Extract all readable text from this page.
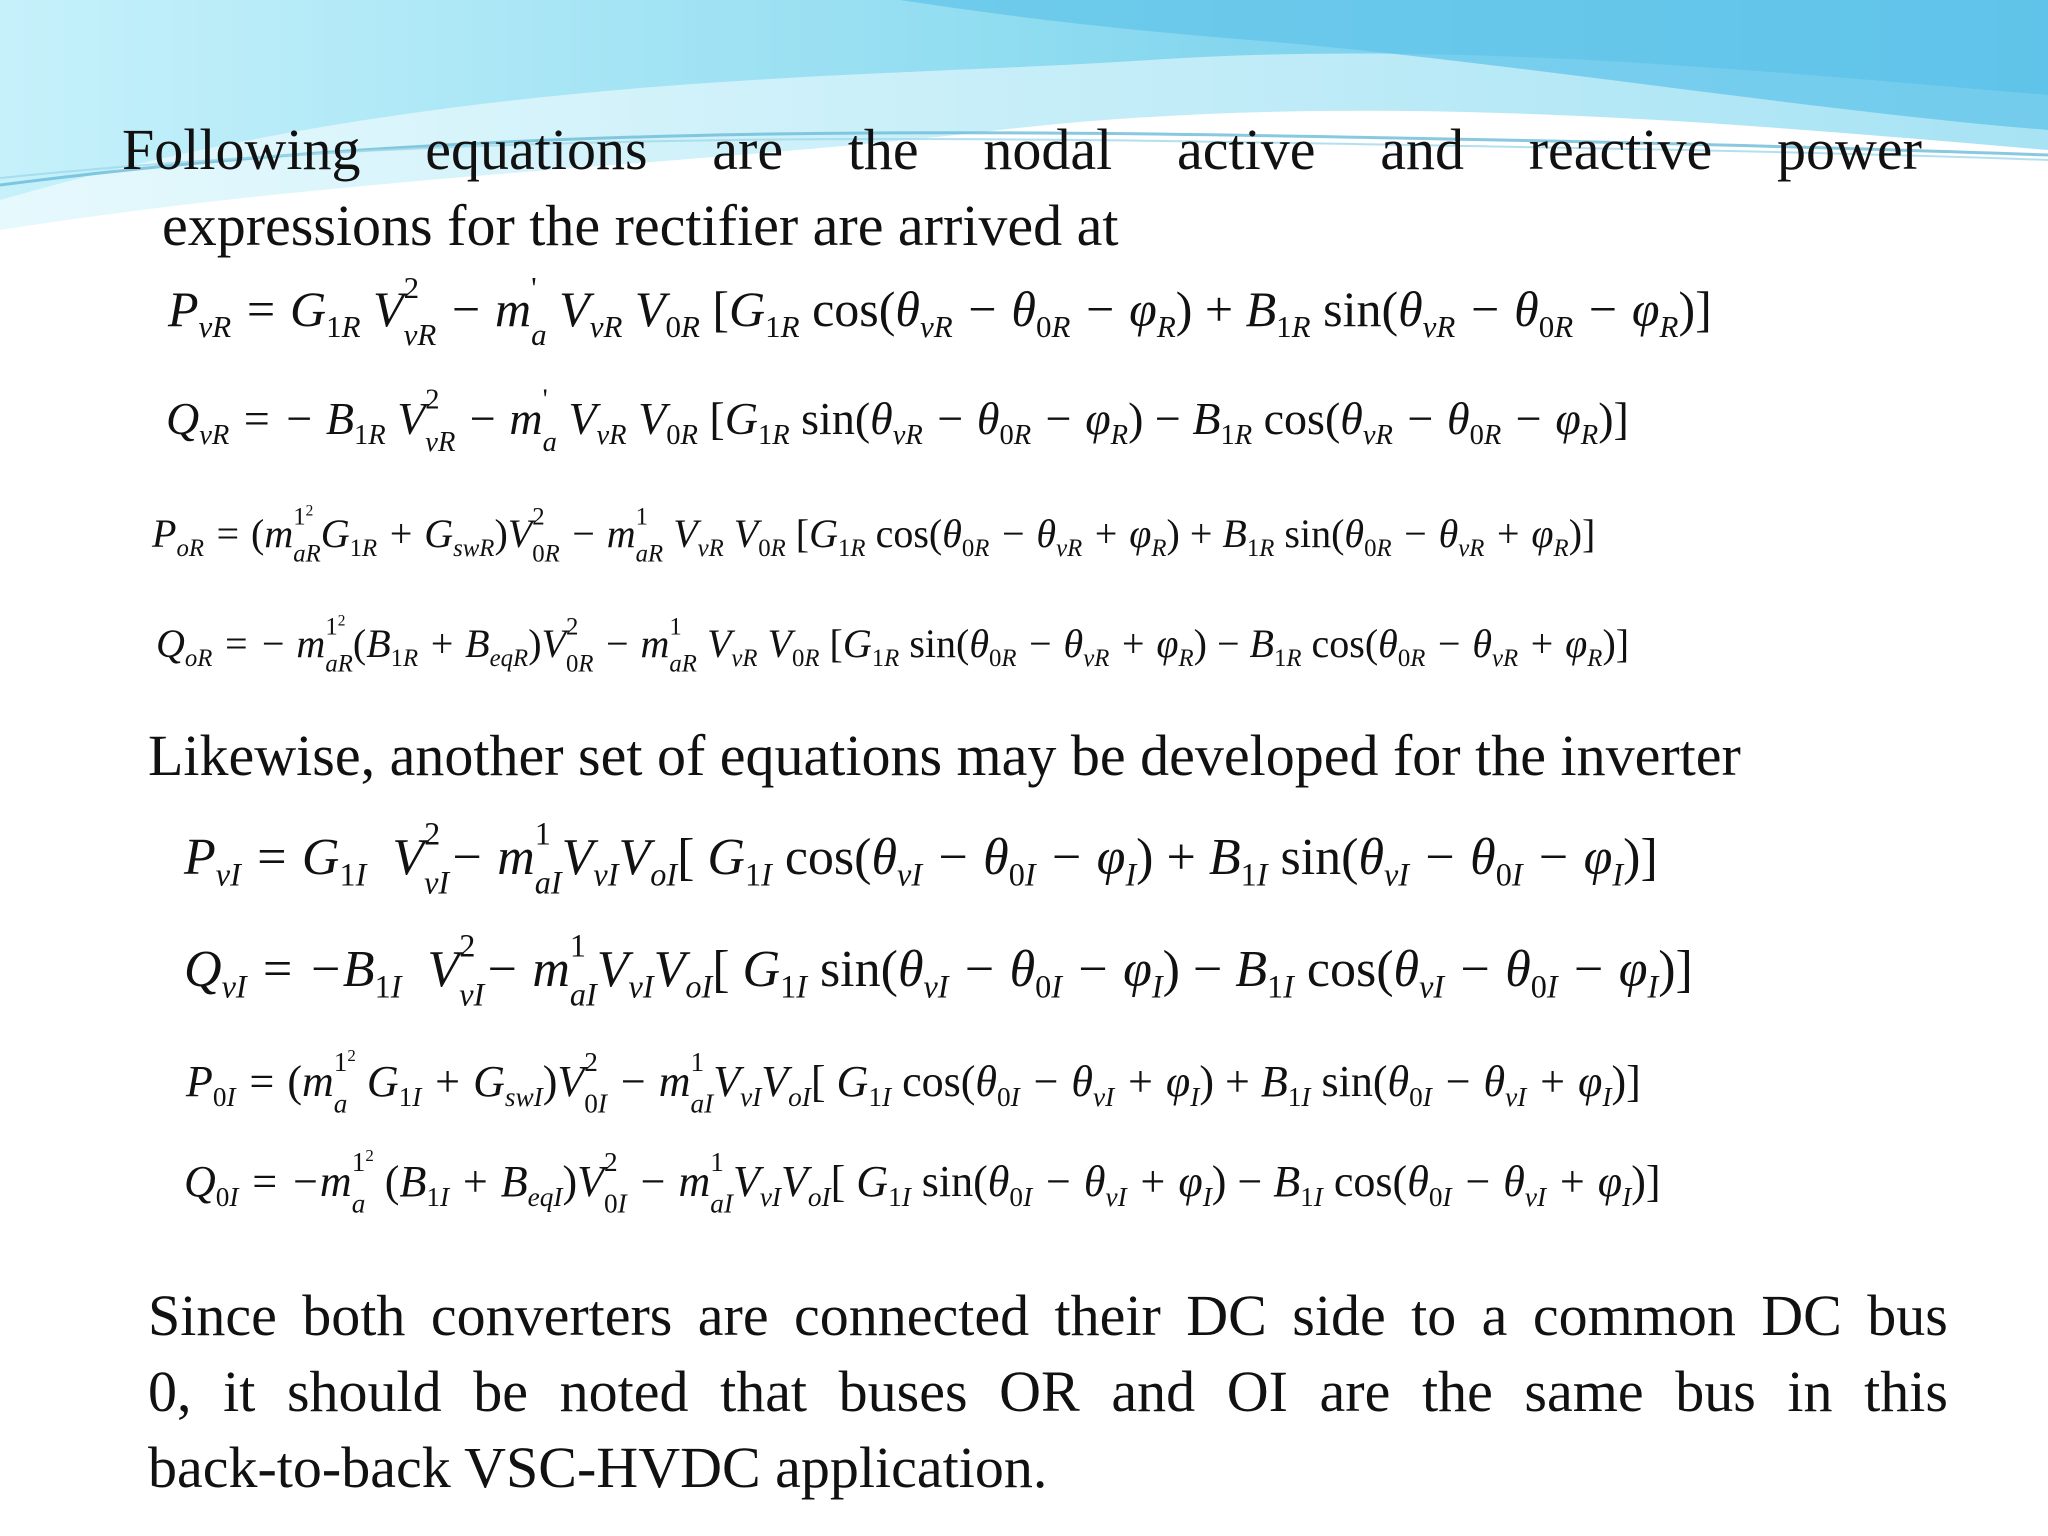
Following equations are the nodal active and reactive power
expressions for the rectifier are arrived at
$P_{vR} = G_{1R}$ V 2
vR − m '
a $V_{vR}$ $V_{0R}$ [$G_{1R}$ $\cos(\theta_{vR} - \theta_{0R} - \varphi_R) + B_{1R}$ $\sin(\theta_{vR} - \theta_{0R} - \varphi_R)$]
$Q_{vR}$ = − $B_{1R}$ V 2
vR − m '
a $V_{vR}$ $V_{0R}$ [$G_{1R}$ $\sin(\theta_{vR} - \theta_{0R} - \varphi_R) - B_{1R}$ $\cos(\theta_{vR} - \theta_{0R} - \varphi_R)$]
$P_{oR} = (m$ $1^2$
aR $G_{1R} + G_{swR})V$ 2
0R − m 1
aR $V_{vR}$ $V_{0R}$ [$G_{1R}$ $\cos(\theta_{0R} - \theta_{vR} + \varphi_R) + B_{1R}$ $\sin(\theta_{0R} - \theta_{vR} + \varphi_R)$]
$Q_{oR}$ = − m $1^2$
aR $(B_{1R} + B_{eqR})V$ 2
0R − m 1
aR $V_{vR}$ $V_{0R}$ [$G_{1R}$ $\sin(\theta_{0R} - \theta_{vR} + \varphi_R) - B_{1R}$ $\cos(\theta_{0R} - \theta_{vR} + \varphi_R)$]
Likewise, another set of equations may be developed for the inverter
$P_{vI} = G_{1I}$  V 2
vI − m 1
aI $V_{vI}V_{oI}$[ $G_{1I}$ $\cos(\theta_{vI} - \theta_{0I} - \varphi_I) + B_{1I}$ $\sin(\theta_{vI} - \theta_{0I} - \varphi_I)$]
$Q_{vI} = -B_{1I}$  V 2
vI − m 1
aI $V_{vI}V_{oI}$[ $G_{1I}$ $\sin(\theta_{vI} - \theta_{0I} - \varphi_I) - B_{1I}$ $\cos(\theta_{vI} - \theta_{0I} - \varphi_I)$]
$P_{0I} = (m$ $1^2$
a $G_{1I} + G_{swI})V$ 2
0I − m 1
aI $V_{vI}V_{oI}$[ $G_{1I}$ $\cos(\theta_{0I} - \theta_{vI} + \varphi_I) + B_{1I}$ $\sin(\theta_{0I} - \theta_{vI} + \varphi_I)$]
$Q_{0I} = -m$ $1^2$
a $(B_{1I} + B_{eqI})V$ 2
0I − m 1
aI $V_{vI}V_{oI}$[ $G_{1I}$ $\sin(\theta_{0I} - \theta_{vI} + \varphi_I) - B_{1I}$ $\cos(\theta_{0I} - \theta_{vI} + \varphi_I)$]
Since both converters are connected their DC side to a common DC bus
0, it should be noted that buses OR and OI are the same bus in this
back-to-back VSC-HVDC application.
